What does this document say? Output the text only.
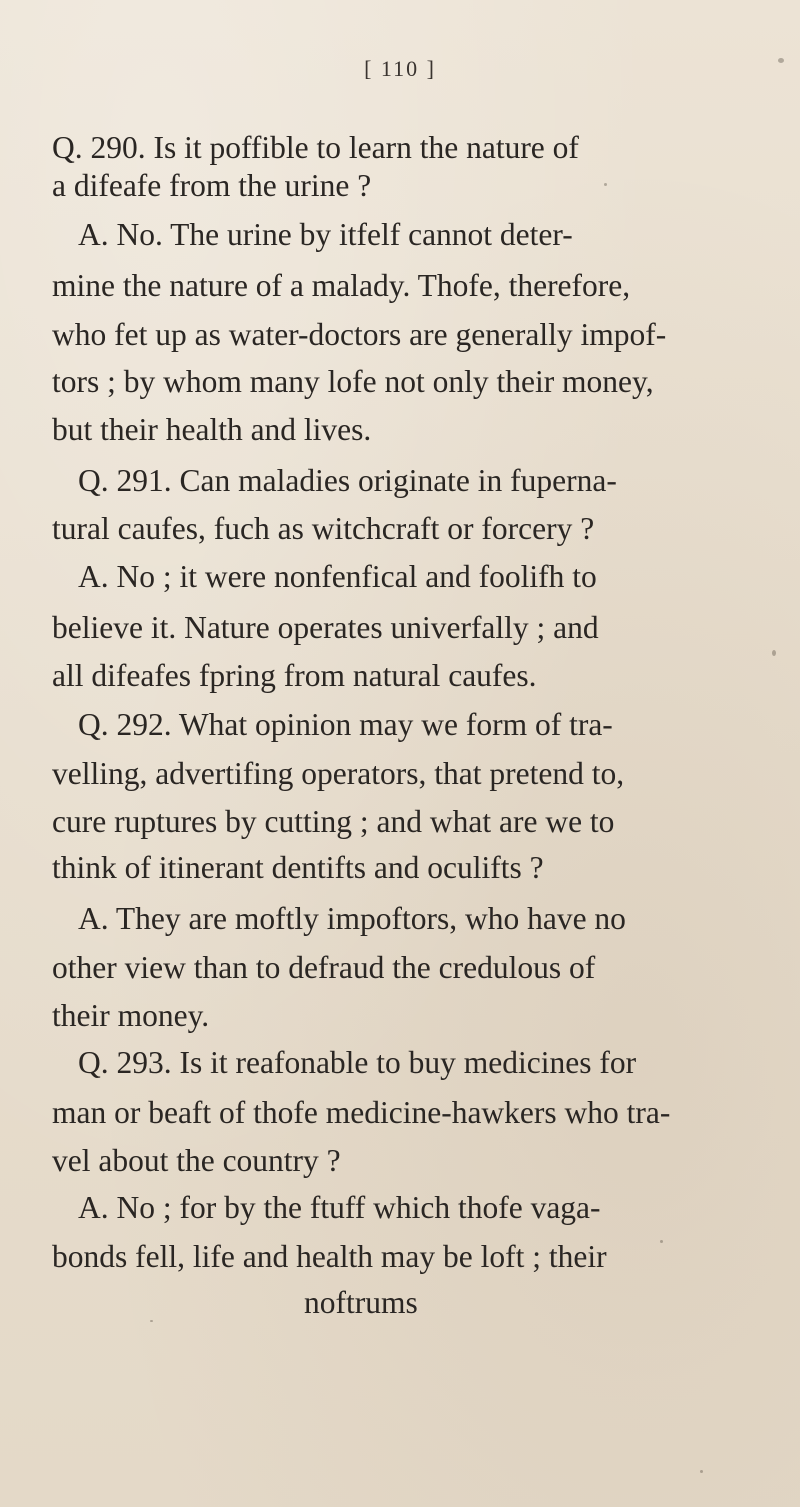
[ 110 ]

Q. 290. Is it poffible to learn the nature of

a difeafe from the urine ?

A. No. The urine by itfelf cannot deter-

mine the nature of a malady. Thofe, therefore,

who fet up as water-doctors are generally impof-

tors ; by whom many lofe not only their money,

but their health and lives.

Q. 291. Can maladies originate in fuperna-

tural caufes, fuch as witchcraft or forcery ?

A. No ; it were nonfenfical and foolifh to

believe it. Nature operates univerfally ; and

all difeafes fpring from natural caufes.

Q. 292. What opinion may we form of tra-

velling, advertifing operators, that pretend to,

cure ruptures by cutting ; and what are we to

think of itinerant dentifts and oculifts ?

A. They are moftly impoftors, who have no

other view than to defraud the credulous of

their money.

Q. 293. Is it reafonable to buy medicines for

man or beaft of thofe medicine-hawkers who tra-

vel about the country ?

A. No ; for by the ftuff which thofe vaga-

bonds fell, life and health may be loft ; their

noftrums
